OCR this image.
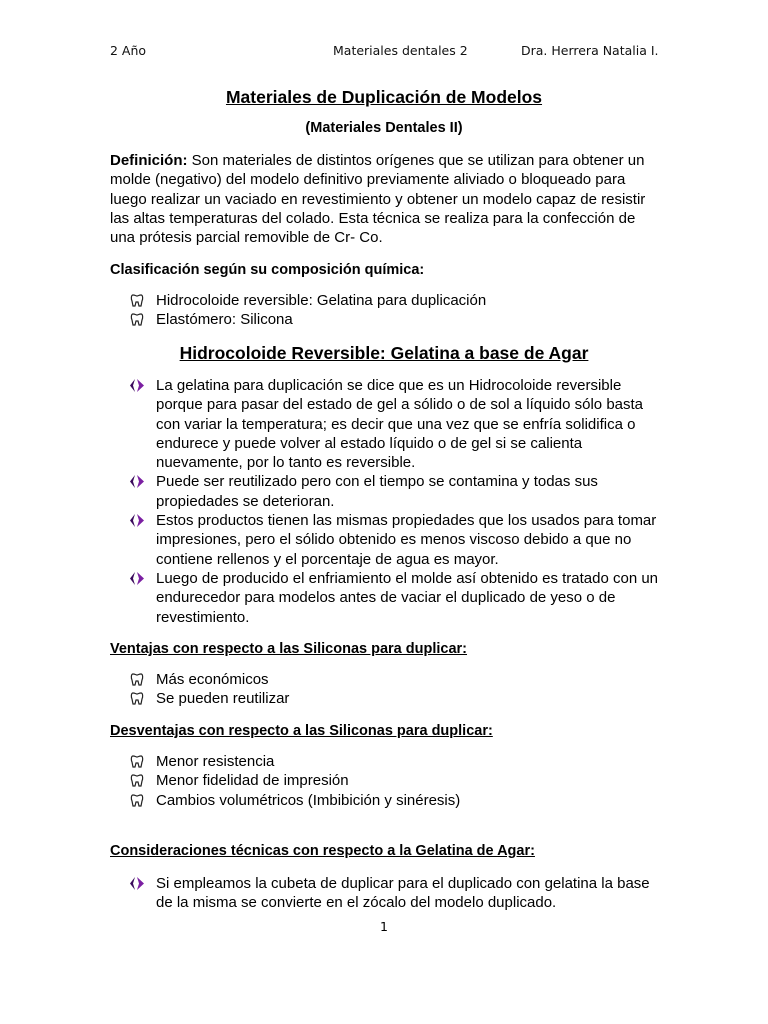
2 Año	Materiales dentales 2	Dra. Herrera Natalia I.
Materiales de Duplicación de Modelos
(Materiales Dentales II)
Definición: Son materiales de distintos orígenes que se utilizan para obtener un molde (negativo) del modelo definitivo previamente aliviado o bloqueado para luego realizar un vaciado en revestimiento y obtener un modelo capaz de resistir las altas temperaturas del colado. Esta técnica se realiza para la confección de una prótesis parcial removible de Cr- Co.
Clasificación según su composición química:
Hidrocoloide reversible: Gelatina para duplicación
Elastómero: Silicona
Hidrocoloide Reversible: Gelatina a base de Agar
La gelatina para duplicación se dice que es un Hidrocoloide reversible porque para pasar del estado de gel a sólido o de sol a líquido sólo basta con variar la temperatura; es decir que una vez que se enfría solidifica o endurece y puede volver al estado líquido o de gel si se calienta nuevamente, por lo tanto es reversible.
Puede ser reutilizado pero con el tiempo se contamina y todas sus propiedades se deterioran.
Estos productos tienen las mismas propiedades que los usados para tomar impresiones, pero el sólido obtenido es menos viscoso debido a que no contiene rellenos y el porcentaje de agua es mayor.
Luego de producido el enfriamiento el molde así obtenido es tratado con un endurecedor para modelos antes de vaciar el duplicado de yeso o de revestimiento.
Ventajas con respecto a las Siliconas para duplicar:
Más económicos
Se pueden reutilizar
Desventajas con respecto a las Siliconas para duplicar:
Menor resistencia
Menor fidelidad de impresión
Cambios volumétricos (Imbibición y sinéresis)
Consideraciones técnicas con respecto a la Gelatina de Agar:
Si empleamos la cubeta de duplicar para el duplicado con gelatina la base de la misma se convierte en el zócalo del modelo duplicado.
1
